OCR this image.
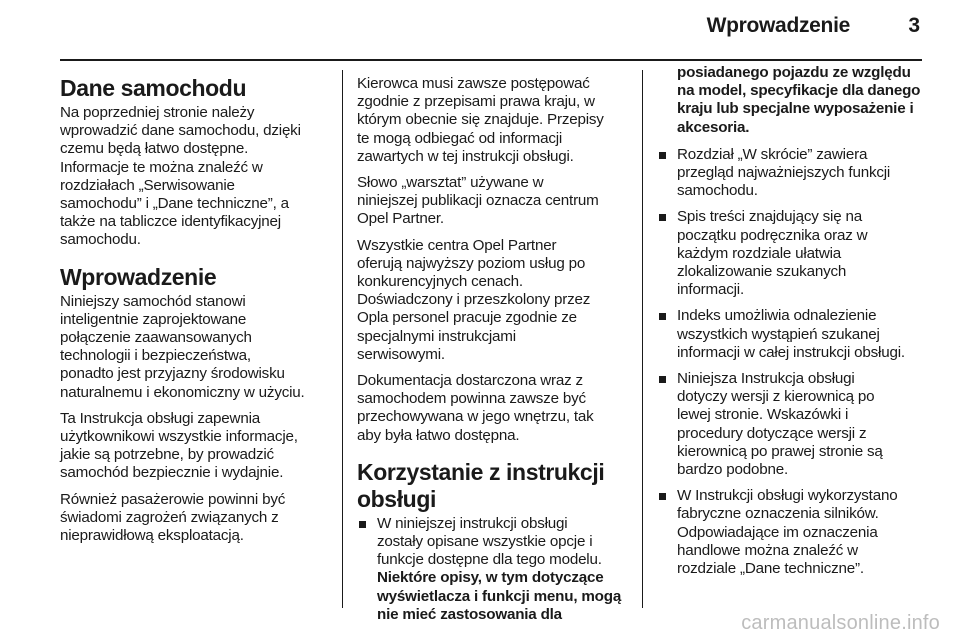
Wprowadzenie	3
Dane samochodu

Na poprzedniej stronie należy
wprowadzić dane samochodu, dzięki
czemu będą łatwo dostępne.
Informacje te można znaleźć w
rozdziałach „Serwisowanie
samochodu” i „Dane techniczne”, a
także na tabliczce identyfikacyjnej
samochodu.

Wprowadzenie

Niniejszy samochód stanowi
inteligentnie zaprojektowane
połączenie zaawansowanych
technologii i bezpieczeństwa,
ponadto jest przyjazny środowisku
naturalnemu i ekonomiczny w użyciu.

Ta Instrukcja obsługi zapewnia
użytkownikowi wszystkie informacje,
jakie są potrzebne, by prowadzić
samochód bezpiecznie i wydajnie.

Również pasażerowie powinni być
świadomi zagrożeń związanych z
nieprawidłową eksploatacją.

Kierowca musi zawsze postępować
zgodnie z przepisami prawa kraju, w
którym obecnie się znajduje. Przepisy
te mogą odbiegać od informacji
zawartych w tej instrukcji obsługi.

Słowo „warsztat” używane w
niniejszej publikacji oznacza centrum
Opel Partner.

Wszystkie centra Opel Partner
oferują najwyższy poziom usług po
konkurencyjnych cenach.
Doświadczony i przeszkolony przez
Opla personel pracuje zgodnie ze
specjalnymi instrukcjami
serwisowymi.

Dokumentacja dostarczona wraz z
samochodem powinna zawsze być
przechowywana w jego wnętrzu, tak
aby była łatwo dostępna.

Korzystanie z instrukcji
obsługi
W niniejszej instrukcji obsługi
zostały opisane wszystkie opcje i
funkcje dostępne dla tego modelu.
Niektóre opisy, w tym dotyczące
wyświetlacza i funkcji menu, mogą
nie mieć zastosowania dla
posiadanego pojazdu ze względu
na model, specyfikacje dla danego
kraju lub specjalne wyposażenie i
akcesoria.
Rozdział „W skrócie” zawiera
przegląd najważniejszych funkcji
samochodu.
Spis treści znajdujący się na
początku podręcznika oraz w
każdym rozdziale ułatwia
zlokalizowanie szukanych
informacji.
Indeks umożliwia odnalezienie
wszystkich wystąpień szukanej
informacji w całej instrukcji obsługi.
Niniejsza Instrukcja obsługi
dotyczy wersji z kierownicą po
lewej stronie. Wskazówki i
procedury dotyczące wersji z
kierownicą po prawej stronie są
bardzo podobne.
W Instrukcji obsługi wykorzystano
fabryczne oznaczenia silników.
Odpowiadające im oznaczenia
handlowe można znaleźć w
rozdziale „Dane techniczne”.
carmanualsonline.info
